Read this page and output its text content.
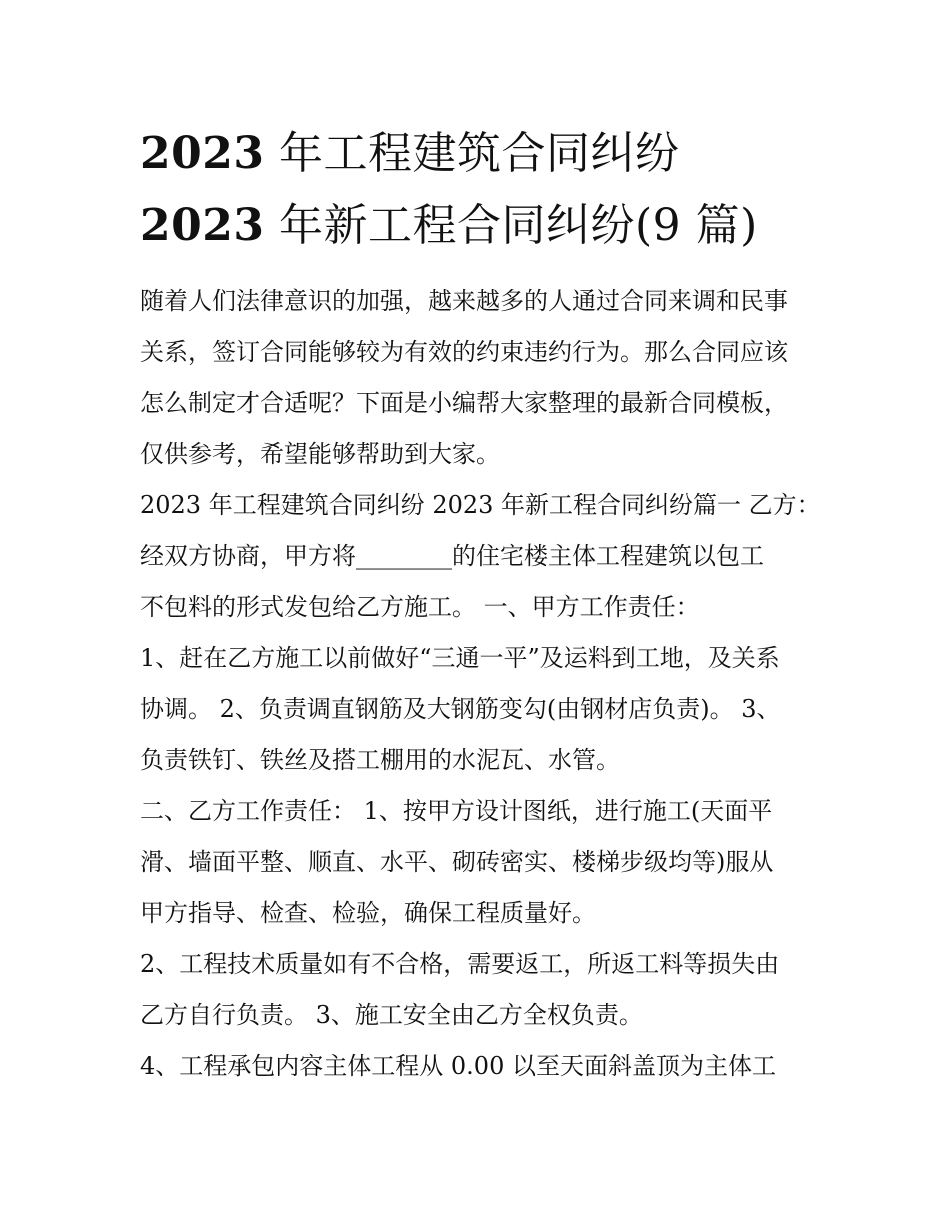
2023 年工程建筑合同纠纷
2023 年新工程合同纠纷(9 篇)

随着人们法律意识的加强，越来越多的人通过合同来调和民事

关系，签订合同能够较为有效的约束违约行为。那么合同应该

怎么制定才合适呢？下面是小编帮大家整理的最新合同模板，

仅供参考，希望能够帮助到大家。

2023 年工程建筑合同纠纷 2023 年新工程合同纠纷篇一 乙方：

经双方协商，甲方将________的住宅楼主体工程建筑以包工

不包料的形式发包给乙方施工。 一、甲方工作责任：

1、赶在乙方施工以前做好“三通一平”及运料到工地，及关系

协调。 2、负责调直钢筋及大钢筋变勾(由钢材店负责)。 3、

负责铁钉、铁丝及搭工棚用的水泥瓦、水管。

二、乙方工作责任： 1、按甲方设计图纸，进行施工(天面平

滑、墙面平整、顺直、水平、砌砖密实、楼梯步级均等)服从

甲方指导、检查、检验，确保工程质量好。

2、工程技术质量如有不合格，需要返工，所返工料等损失由

乙方自行负责。 3、施工安全由乙方全权负责。

4、工程承包内容主体工程从 0.00 以至天面斜盖顶为主体工
